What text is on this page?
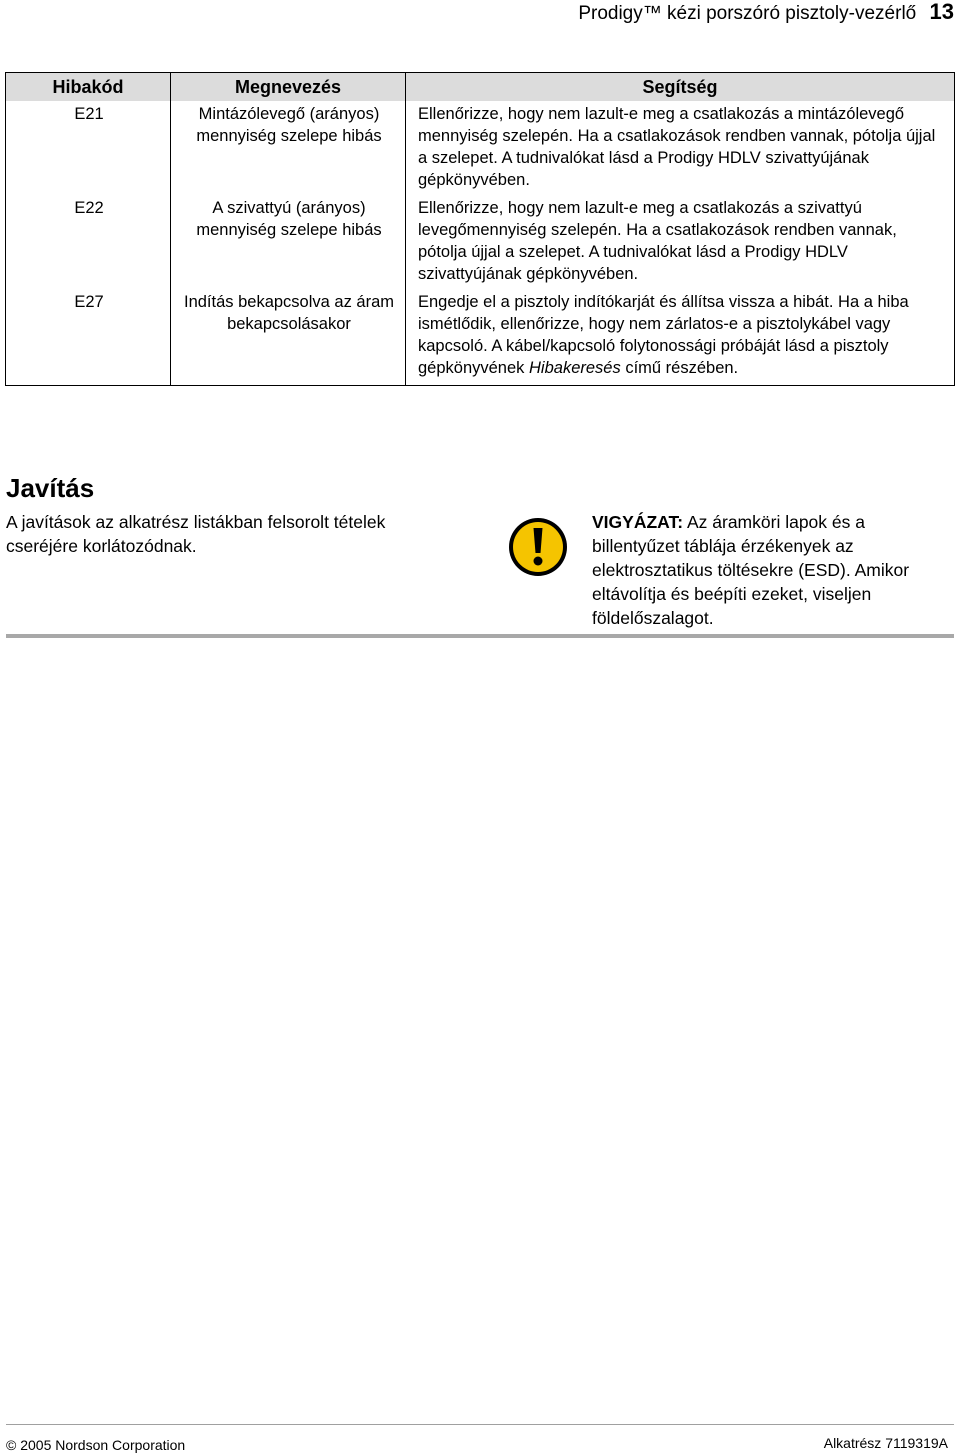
Prodigy™ kézi porszóró pisztoly-vezérlő 13
Hibakód	Megnevezés	Segítség
E21	Mintázólevegő (arányos) mennyiség szelepe hibás	Ellenőrizze, hogy nem lazult-e meg a csatlakozás a mintázólevegő mennyiség szelepén. Ha a csatlakozások rendben vannak, pótolja újjal a szelepet. A tudnivalókat lásd a Prodigy HDLV szivattyújának gépkönyvében.
E22	A szivattyú (arányos) mennyiség szelepe hibás	Ellenőrizze, hogy nem lazult-e meg a csatlakozás a szivattyú levegőmennyiség szelepén. Ha a csatlakozások rendben vannak, pótolja újjal a szelepet. A tudnivalókat lásd a Prodigy HDLV szivattyújának gépkönyvében.
E27	Indítás bekapcsolva az áram bekapcsolásakor	Engedje el a pisztoly indítókarját és állítsa vissza a hibát. Ha a hiba ismétlődik, ellenőrizze, hogy nem zárlatos-e a pisztolykábel vagy kapcsoló. A kábel/kapcsoló folytonossági próbáját lásd a pisztoly gépkönyvének Hibakeresés című részében.
Javítás
A javítások az alkatrész listákban felsorolt tételek cseréjére korlátozódnak.
VIGYÁZAT: Az áramköri lapok és a billentyűzet táblája érzékenyek az elektrosztatikus töltésekre (ESD). Amikor eltávolítja és beépíti ezeket, viseljen földelőszalagot.
© 2005 Nordson Corporation	Alkatrész 7119319A
